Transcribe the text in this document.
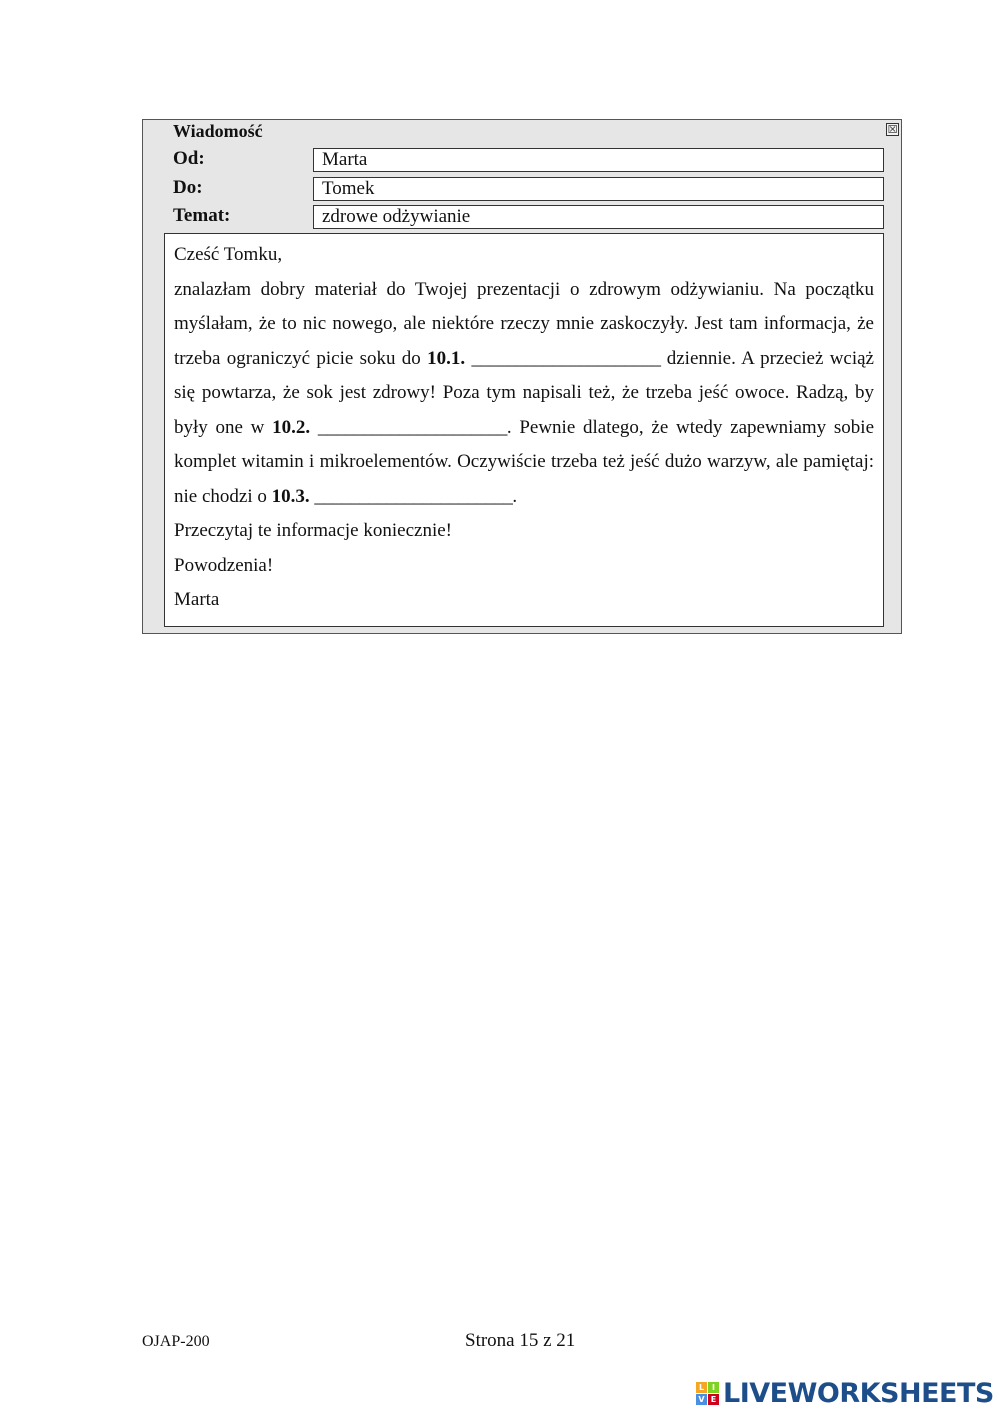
Wiadomość	☒
Od:	Marta
Do:	Tomek
Temat:	zdrowe odżywianie

Cześć Tomku,

znalazłam dobry materiał do Twojej prezentacji o zdrowym odżywianiu. Na początku myślałam, że to nic nowego, ale niektóre rzeczy mnie zaskoczyły. Jest tam informacja, że trzeba ograniczyć picie soku do 10.1. _____________________ dziennie. A przecież wciąż się powtarza, że sok jest zdrowy! Poza tym napisali też, że trzeba jeść owoce. Radzą, by były one w 10.2. _____________________. Pewnie dlatego, że wtedy zapewniamy sobie komplet witamin i mikroelementów. Oczywiście trzeba też jeść dużo warzyw, ale pamiętaj: nie chodzi o 10.3. ______________________.

Przeczytaj te informacje koniecznie!

Powodzenia!

Marta

OJAP-200	Strona 15 z 21
L I
V E LIVEWORKSHEETS
